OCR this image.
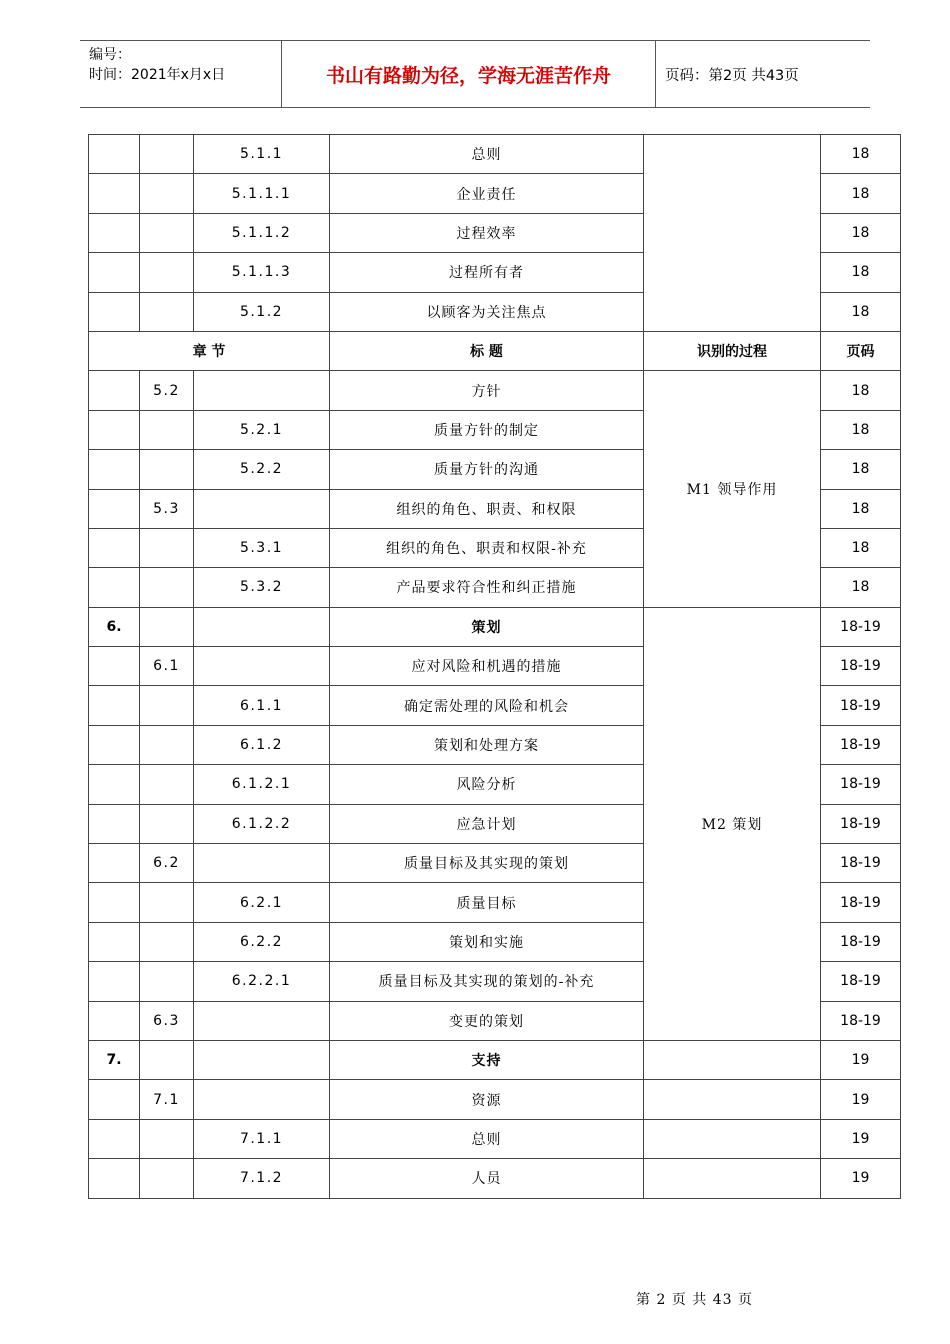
编号：
时间：2021年x月x日	书山有路勤为径，学海无涯苦作舟	页码：第2页 共43页
		5.1.1	总则		18
		5.1.1.1	企业责任		18
		5.1.1.2	过程效率		18
		5.1.1.3	过程所有者		18
		5.1.2	以顾客为关注焦点		18
章 节			标 题	识别的过程	页码
	5.2		方针	M1 领导作用	18
		5.2.1	质量方针的制定		18
		5.2.2	质量方针的沟通		18
	5.3		组织的角色、职责、和权限		18
		5.3.1	组织的角色、职责和权限-补充		18
		5.3.2	产品要求符合性和纠正措施		18
6.			策划	M2 策划	18-19
	6.1		应对风险和机遇的措施		18-19
		6.1.1	确定需处理的风险和机会		18-19
		6.1.2	策划和处理方案		18-19
		6.1.2.1	风险分析		18-19
		6.1.2.2	应急计划		18-19
	6.2		质量目标及其实现的策划		18-19
		6.2.1	质量目标		18-19
		6.2.2	策划和实施		18-19
		6.2.2.1	质量目标及其实现的策划的-补充		18-19
	6.3		变更的策划		18-19
7.			支持		19
	7.1		资源		19
		7.1.1	总则		19
		7.1.2	人员		19
第 2 页 共 43 页
